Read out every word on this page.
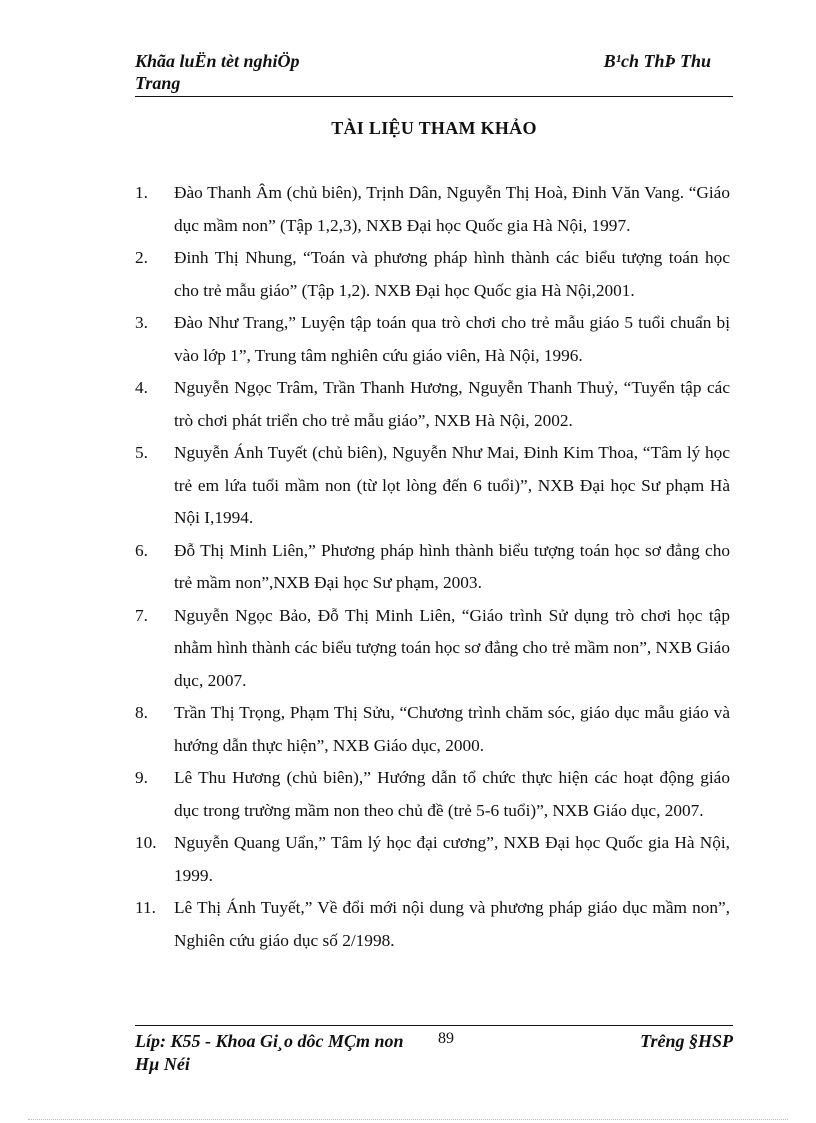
Khãa luËn tèt nghiÖp
Trang
B¹ch ThÞ Thu
TÀI LIỆU THAM KHẢO
1. Đào Thanh Âm (chủ biên), Trịnh Dân, Nguyễn Thị Hoà, Đinh Văn Vang. “Giáo dục mầm non” (Tập 1,2,3), NXB Đại học Quốc gia Hà Nội, 1997.
2. Đinh Thị Nhung, “Toán và phương pháp hình thành các biểu tượng toán học cho trẻ mẫu giáo” (Tập 1,2). NXB Đại học Quốc gia Hà Nội,2001.
3. Đào Như Trang,” Luyện tập toán qua trò chơi cho trẻ mẫu giáo 5 tuổi chuẩn bị vào lớp 1”, Trung tâm nghiên cứu giáo viên, Hà Nội, 1996.
4. Nguyễn Ngọc Trâm, Trần Thanh Hương, Nguyễn Thanh Thuỷ, “Tuyển tập các trò chơi phát triển cho trẻ mẫu giáo”, NXB Hà Nội, 2002.
5. Nguyễn Ánh Tuyết (chủ biên), Nguyễn Như Mai, Đinh Kim Thoa, “Tâm lý học trẻ em lứa tuổi mầm non (từ lọt lòng đến 6 tuổi)”, NXB Đại học Sư phạm Hà Nội I,1994.
6. Đỗ Thị Minh Liên,” Phương pháp hình thành biểu tượng toán học sơ đẳng cho trẻ mầm non”,NXB Đại học Sư phạm, 2003.
7. Nguyễn Ngọc Bảo, Đỗ Thị Minh Liên, “Giáo trình Sử dụng trò chơi học tập nhằm hình thành các biểu tượng toán học sơ đẳng cho trẻ mầm non”, NXB Giáo dục, 2007.
8. Trần Thị Trọng, Phạm Thị Sửu, “Chương trình chăm sóc, giáo dục mẫu giáo và hướng dẫn thực hiện”, NXB Giáo dục, 2000.
9. Lê Thu Hương (chủ biên),” Hướng dẫn tổ chức thực hiện các hoạt động giáo dục trong trường mầm non theo chủ đề (trẻ 5-6 tuổi)”, NXB Giáo dục, 2007.
10. Nguyễn Quang Uẩn,” Tâm lý học đại cương”, NXB Đại học Quốc gia Hà Nội, 1999.
11. Lê Thị Ánh Tuyết,” Về đổi mới nội dung và phương pháp giáo dục mầm non”, Nghiên cứu giáo dục số 2/1998.
Líp: K55 - Khoa Gi¸o dôc MÇm non
Hµ Néi
Trêng §HSP
89
